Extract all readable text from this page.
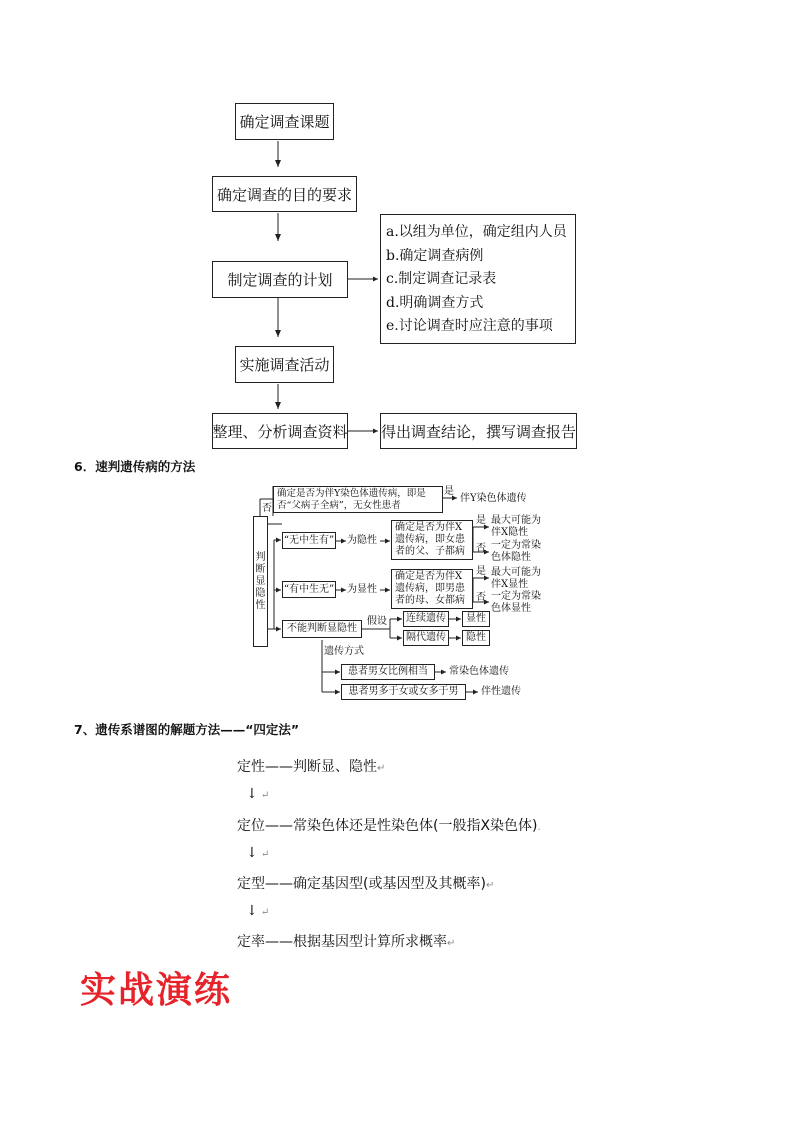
确定调查课题
确定调查的目的要求
制定调查的计划
实施调查活动
整理、分析调查资料 得出调查结论，撰写调查报告
a.以组为单位，确定组内人员
b.确定调查病例
c.制定调查记录表
d.明确调查方式
e.讨论调查时应注意的事项
6．速判遗传病的方法
判断显隐性
确定是否为伴Y染色体遗传病，即是否“父病子全病”，无女性患者
是
否
伴Y染色体遗传
“无中生有” 为隐性
确定是否为伴X遗传病，即女患者的父、子都病
是
否
最大可能为伴X隐性
一定为常染色体隐性
“有中生无” 为显性
确定是否为伴X遗传病，即男患者的母、女都病
是
否
最大可能为伴X显性
一定为常染色体显性
不能判断显隐性
假设	连续遗传	显性
隔代遗传	隐性
遗传方式
患者男女比例相当	常染色体遗传
患者男多于女或女多于男	伴性遗传
7、遗传系谱图的解题方法——“四定法”
定性——判断显、隐性↵
↓ ↵
定位——常染色体还是性染色体(一般指X染色体).
↓ ↵
定型——确定基因型(或基因型及其概率)↵
↓ ↵
定率——根据基因型计算所求概率↵
实战演练
